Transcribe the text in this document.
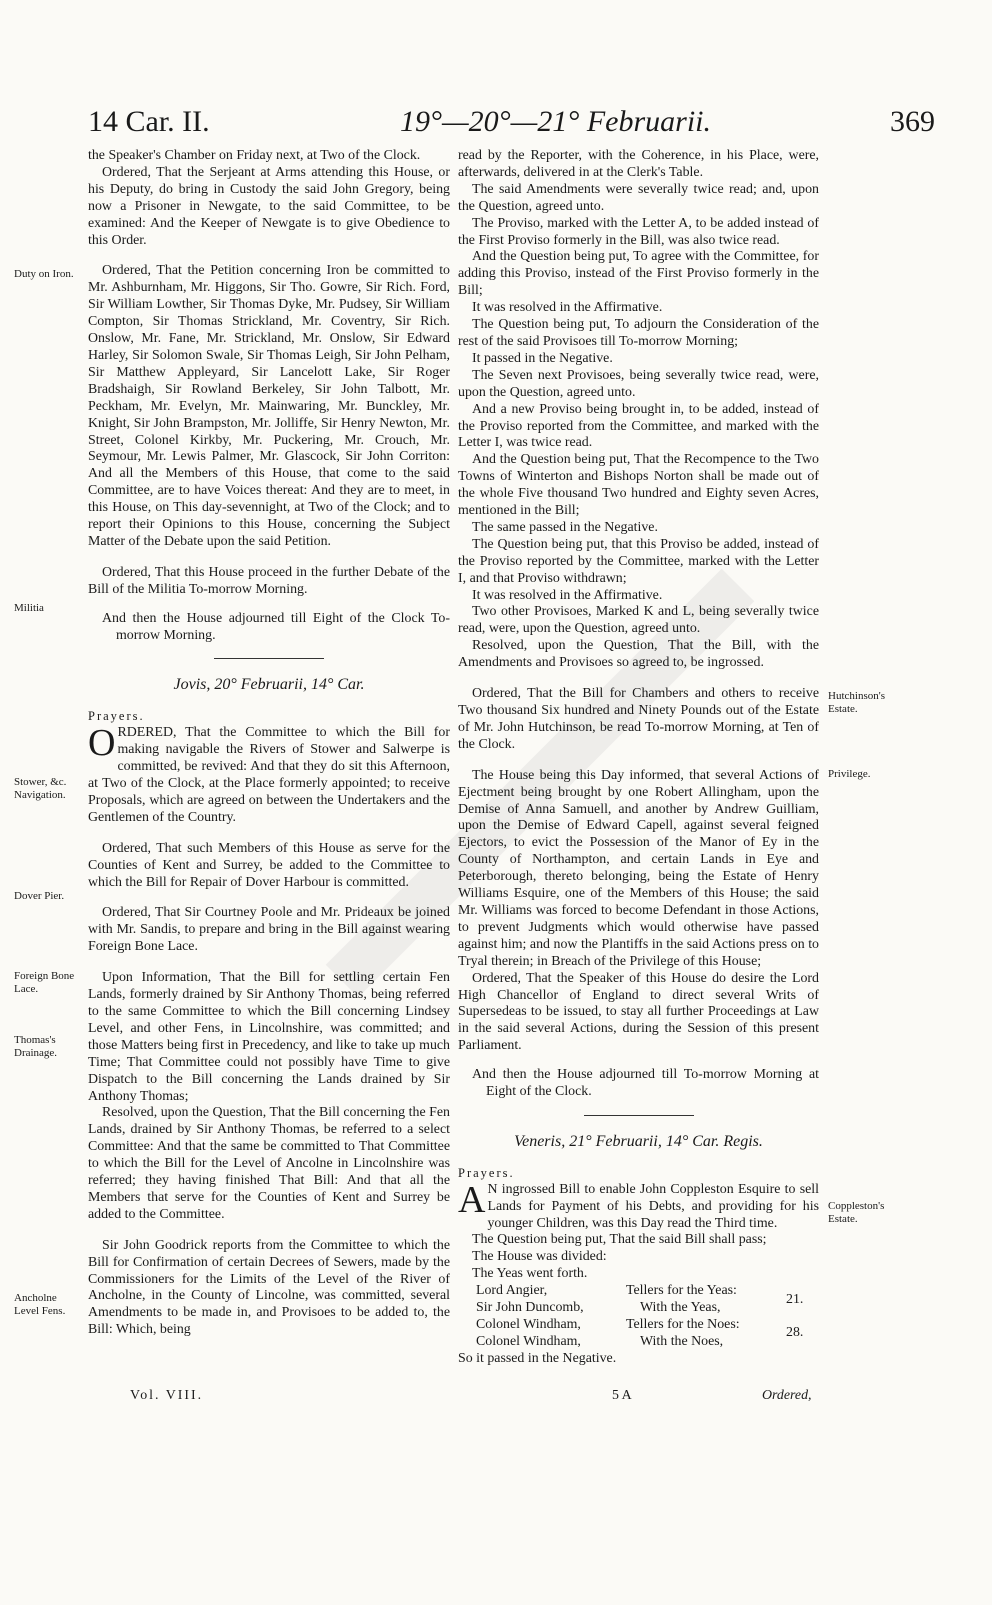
14 Car. II.	19°—20°—21° Februarii.	369
Duty on Iron.
Militia
Stower, &c.
Navigation.
Dover Pier.
Foreign Bone
Lace.
Thomas's
Drainage.
Ancholne
Level Fens.
Hutchinson's
Estate.
Privilege.
Coppleston's
Estate.

the Speaker's Chamber on Friday next, at Two of the Clock.

Ordered, That the Serjeant at Arms attending this House, or his Deputy, do bring in Custody the said John Gregory, being now a Prisoner in Newgate, to the said Committee, to be examined: And the Keeper of Newgate is to give Obedience to this Order.

Ordered, That the Petition concerning Iron be committed to Mr. Ashburnham, Mr. Higgons, Sir Tho. Gowre, Sir Rich. Ford, Sir William Lowther, Sir Thomas Dyke, Mr. Pudsey, Sir William Compton, Sir Thomas Strickland, Mr. Coventry, Sir Rich. Onslow, Mr. Fane, Mr. Strickland, Mr. Onslow, Sir Edward Harley, Sir Solomon Swale, Sir Thomas Leigh, Sir John Pelham, Sir Matthew Appleyard, Sir Lancelott Lake, Sir Roger Bradshaigh, Sir Rowland Berkeley, Sir John Talbott, Mr. Peckham, Mr. Evelyn, Mr. Mainwaring, Mr. Bunckley, Mr. Knight, Sir John Brampston, Mr. Jolliffe, Sir Henry Newton, Mr. Street, Colonel Kirkby, Mr. Puckering, Mr. Crouch, Mr. Seymour, Mr. Lewis Palmer, Mr. Glascock, Sir John Corriton: And all the Members of this House, that come to the said Committee, are to have Voices thereat: And they are to meet, in this House, on This day-sevennight, at Two of the Clock; and to report their Opinions to this House, concerning the Subject Matter of the Debate upon the said Petition.

Ordered, That this House proceed in the further Debate of the Bill of the Militia To-morrow Morning.

And then the House adjourned till Eight of the Clock To-morrow Morning.

Jovis, 20° Februarii, 14° Car.

Prayers.

ORDERED, That the Committee to which the Bill for making navigable the Rivers of Stower and Salwerpe is committed, be revived: And that they do sit this Afternoon, at Two of the Clock, at the Place formerly appointed; to receive Proposals, which are agreed on between the Undertakers and the Gentlemen of the Country.

Ordered, That such Members of this House as serve for the Counties of Kent and Surrey, be added to the Committee to which the Bill for Repair of Dover Harbour is committed.

Ordered, That Sir Courtney Poole and Mr. Prideaux be joined with Mr. Sandis, to prepare and bring in the Bill against wearing Foreign Bone Lace.

Upon Information, That the Bill for settling certain Fen Lands, formerly drained by Sir Anthony Thomas, being referred to the same Committee to which the Bill concerning Lindsey Level, and other Fens, in Lincolnshire, was committed; and those Matters being first in Precedency, and like to take up much Time; That Committee could not possibly have Time to give Dispatch to the Bill concerning the Lands drained by Sir Anthony Thomas;

Resolved, upon the Question, That the Bill concerning the Fen Lands, drained by Sir Anthony Thomas, be referred to a select Committee: And that the same be committed to That Committee to which the Bill for the Level of Ancolne in Lincolnshire was referred; they having finished That Bill: And that all the Members that serve for the Counties of Kent and Surrey be added to the Committee.

Sir John Goodrick reports from the Committee to which the Bill for Confirmation of certain Decrees of Sewers, made by the Commissioners for the Limits of the Level of the River of Ancholne, in the County of Lincolne, was committed, several Amendments to be made in, and Provisoes to be added to, the Bill: Which, being

read by the Reporter, with the Coherence, in his Place, were, afterwards, delivered in at the Clerk's Table.

The said Amendments were severally twice read; and, upon the Question, agreed unto.

The Proviso, marked with the Letter A, to be added instead of the First Proviso formerly in the Bill, was also twice read.

And the Question being put, To agree with the Committee, for adding this Proviso, instead of the First Proviso formerly in the Bill;

It was resolved in the Affirmative.

The Question being put, To adjourn the Consideration of the rest of the said Provisoes till To-morrow Morning;

It passed in the Negative.

The Seven next Provisoes, being severally twice read, were, upon the Question, agreed unto.

And a new Proviso being brought in, to be added, instead of the Proviso reported from the Committee, and marked with the Letter I, was twice read.

And the Question being put, That the Recompence to the Two Towns of Winterton and Bishops Norton shall be made out of the whole Five thousand Two hundred and Eighty seven Acres, mentioned in the Bill;

The same passed in the Negative.

The Question being put, that this Proviso be added, instead of the Proviso reported by the Committee, marked with the Letter I, and that Proviso withdrawn;

It was resolved in the Affirmative.

Two other Provisoes, Marked K and L, being severally twice read, were, upon the Question, agreed unto.

Resolved, upon the Question, That the Bill, with the Amendments and Provisoes so agreed to, be ingrossed.

Ordered, That the Bill for Chambers and others to receive Two thousand Six hundred and Ninety Pounds out of the Estate of Mr. John Hutchinson, be read To-morrow Morning, at Ten of the Clock.

The House being this Day informed, that several Actions of Ejectment being brought by one Robert Allingham, upon the Demise of Anna Samuell, and another by Andrew Guilliam, upon the Demise of Edward Capell, against several feigned Ejectors, to evict the Possession of the Manor of Ey in the County of Northampton, and certain Lands in Eye and Peterborough, thereto belonging, being the Estate of Henry Williams Esquire, one of the Members of this House; the said Mr. Williams was forced to become Defendant in those Actions, to prevent Judgments which would otherwise have passed against him; and now the Plantiffs in the said Actions press on to Tryal therein; in Breach of the Privilege of this House;

Ordered, That the Speaker of this House do desire the Lord High Chancellor of England to direct several Writs of Supersedeas to be issued, to stay all further Proceedings at Law in the said several Actions, during the Session of this present Parliament.

And then the House adjourned till To-morrow Morning at Eight of the Clock.

Veneris, 21° Februarii, 14° Car. Regis.

Prayers.

A N ingrossed Bill to enable John Coppleston Esquire to sell Lands for Payment of his Debts, and providing for his younger Children, was this Day read the Third time.

The Question being put, That the said Bill shall pass;

The House was divided:

The Yeas went forth.

Lord Angier,	Tellers for the Yeas:	21.
Sir John Duncomb,	With the Yeas,	
Colonel Windham,	Tellers for the Noes:	28.
Colonel Windham,	With the Noes,	

So it passed in the Negative.

Vol. VIII.	5 A	Ordered,
